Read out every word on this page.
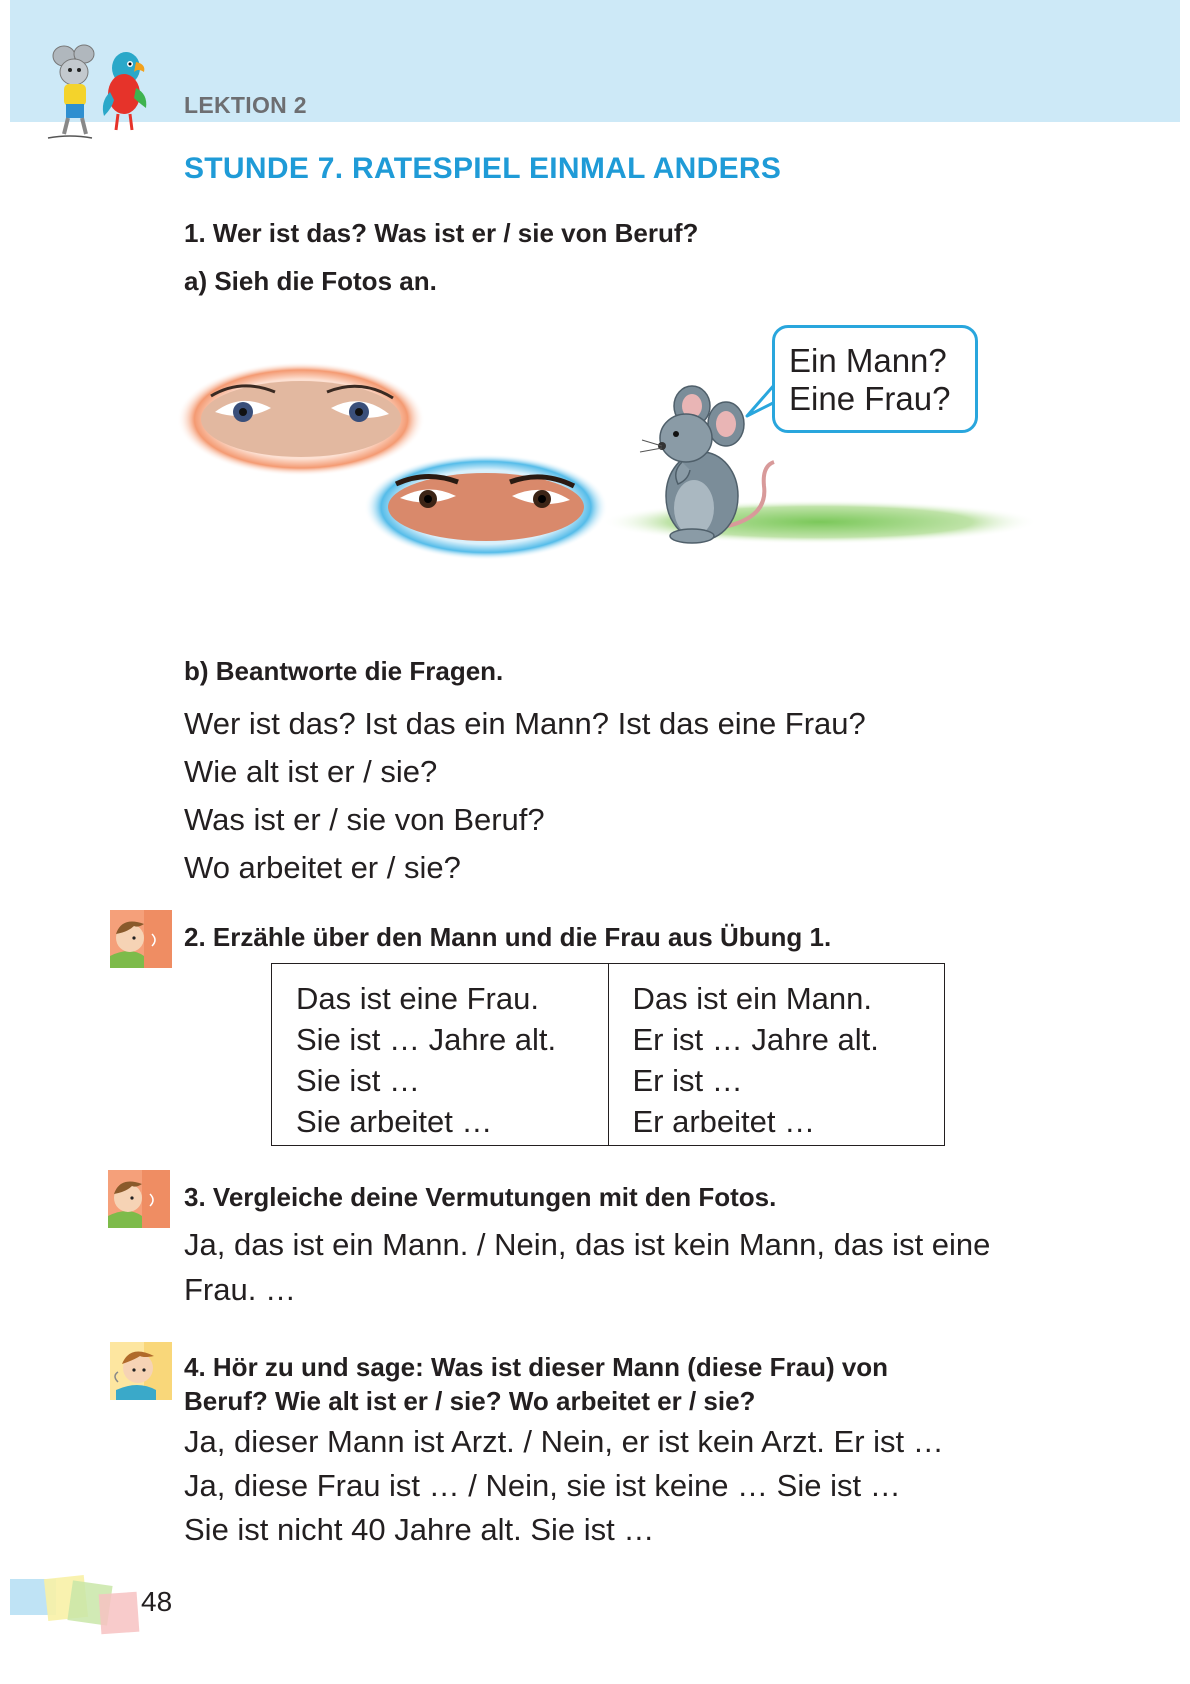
LEKTION 2
STUNDE 7. RATESPIEL EINMAL ANDERS
1. Wer ist das? Was ist er / sie von Beruf?
a) Sieh die Fotos an.
Ein Mann?
Eine Frau?
b) Beantworte die Fragen.
Wer ist das? Ist das ein Mann? Ist das eine Frau?
Wie alt ist er / sie?
Was ist er / sie von Beruf?
Wo arbeitet er / sie?
2. Erzähle über den Mann und die Frau aus Übung 1.
Das ist eine Frau.
Sie ist … Jahre alt.
Sie ist …
Sie arbeitet …

Das ist ein Mann.
Er ist … Jahre alt.
Er ist …
Er arbeitet …
3. Vergleiche deine Vermutungen mit den Fotos.
Ja, das ist ein Mann. / Nein, das ist kein Mann, das ist eine
Frau. …
4. Hör zu und sage: Was ist dieser Mann (diese Frau) von
Beruf? Wie alt ist er / sie? Wo arbeitet er / sie?
Ja, dieser Mann ist Arzt. / Nein, er ist kein Arzt. Er ist …
Ja, diese Frau ist … / Nein, sie ist keine … Sie ist …
Sie ist nicht 40 Jahre alt. Sie ist …
48
